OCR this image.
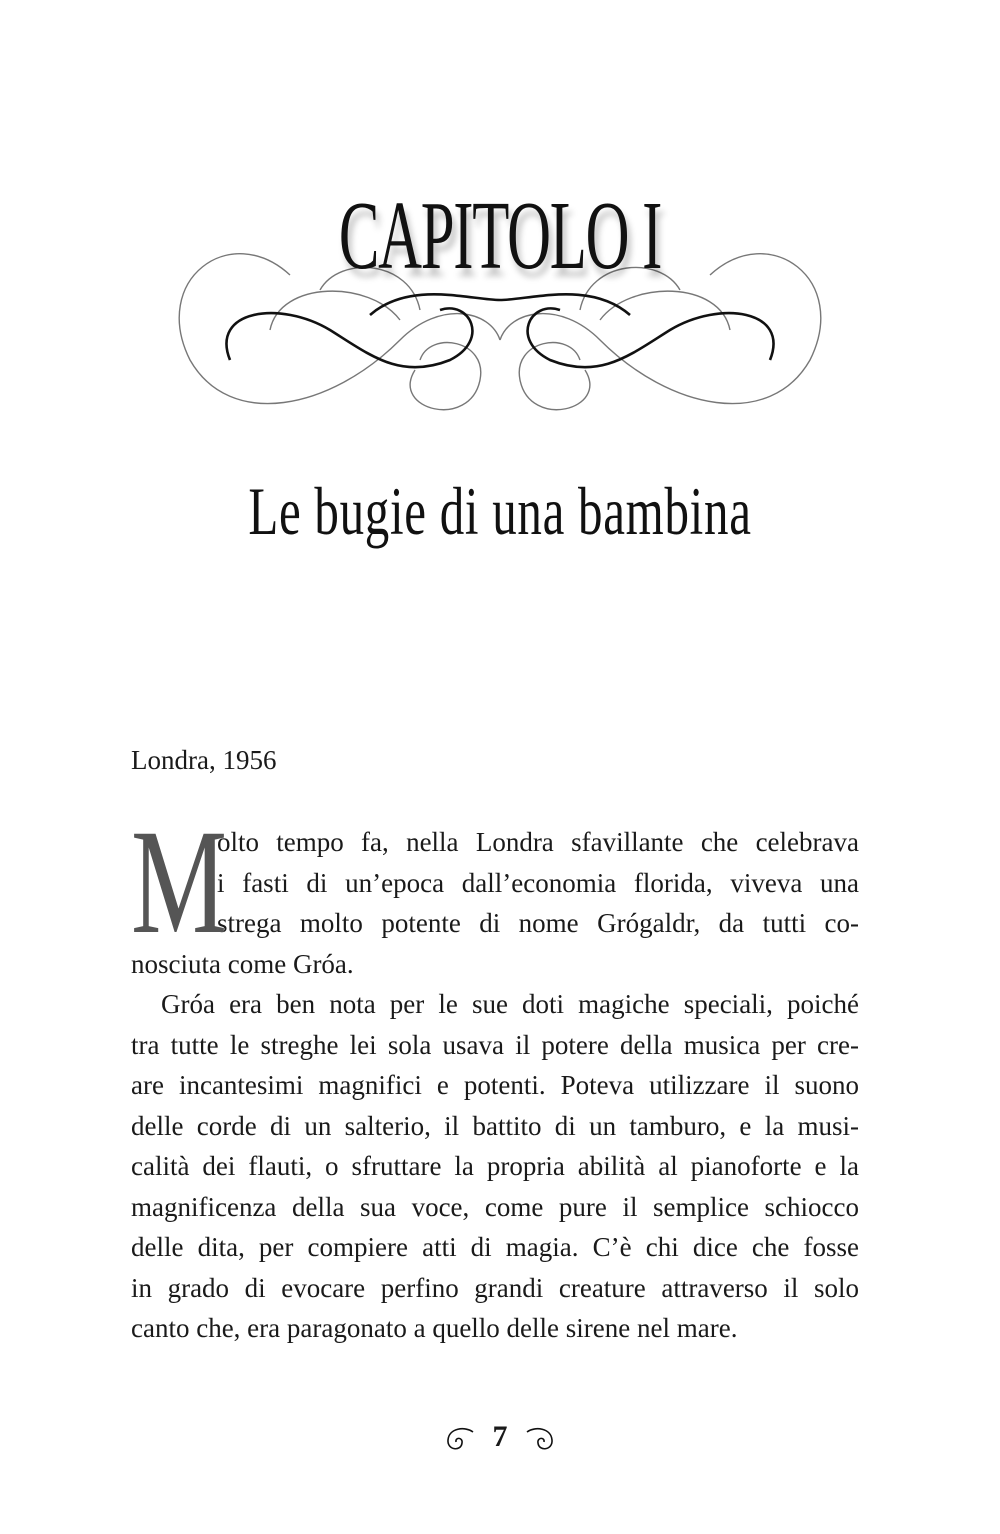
CAPITOLO I
Le bugie di una bambina
Londra, 1956
M
olto tempo fa, nella Londra sfavillante che celebrava
i fasti di un’epoca dall’economia florida, viveva una
strega molto potente di nome Grógaldr, da tutti co-
nosciuta come Gróa.
Gróa era ben nota per le sue doti magiche speciali, poiché
tra tutte le streghe lei sola usava il potere della musica per cre-
are incantesimi magnifici e potenti. Poteva utilizzare il suono
delle corde di un salterio, il battito di un tamburo, e la musi-
calità dei flauti, o sfruttare la propria abilità al pianoforte e la
magnificenza della sua voce, come pure il semplice schiocco
delle dita, per compiere atti di magia. C’è chi dice che fosse
in grado di evocare perfino grandi creature attraverso il solo
canto che, era paragonato a quello delle sirene nel mare.
7
